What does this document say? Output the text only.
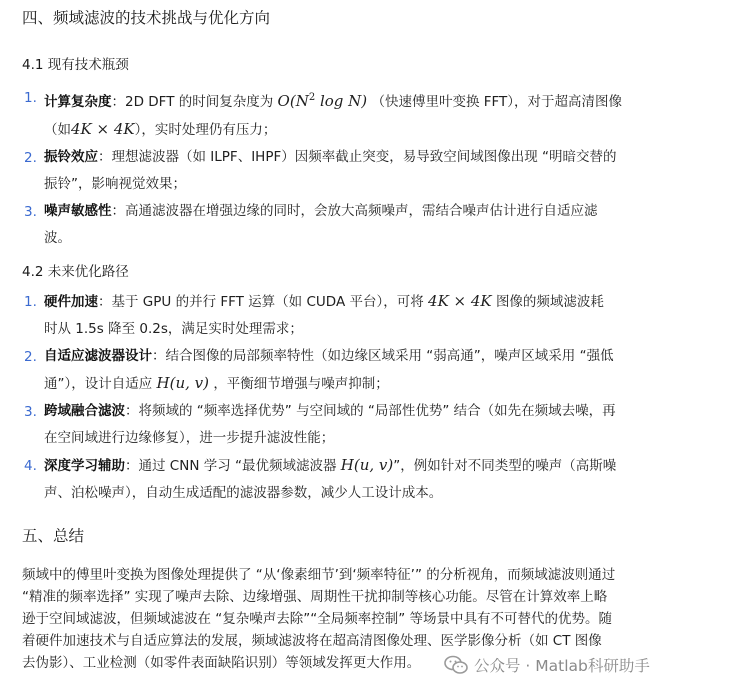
四、频域滤波的技术挑战与优化方向
4.1 现有技术瓶颈
1. 计算复杂度：2D DFT 的时间复杂度为 $O(N^2$ log N) （快速傅里叶变换 FFT），对于超高清图像
（如4K × 4K），实时处理仍有压力；
2. 振铃效应：理想滤波器（如 ILPF、IHPF）因频率截止突变，易导致空间域图像出现 “明暗交替的
振铃”，影响视觉效果；
3. 噪声敏感性：高通滤波器在增强边缘的同时，会放大高频噪声，需结合噪声估计进行自适应滤
波。
4.2 未来优化路径
1. 硬件加速：基于 GPU 的并行 FFT 运算（如 CUDA 平台），可将 4K × 4K 图像的频域滤波耗
时从 1.5s 降至 0.2s，满足实时处理需求；
2. 自适应滤波器设计：结合图像的局部频率特性（如边缘区域采用 “弱高通”，噪声区域采用 “强低
通”），设计自适应 H(u, v) ，平衡细节增强与噪声抑制；
3. 跨域融合滤波：将频域的 “频率选择优势” 与空间域的 “局部性优势” 结合（如先在频域去噪，再
在空间域进行边缘修复），进一步提升滤波性能；
4. 深度学习辅助：通过 CNN 学习 “最优频域滤波器 H(u, v)”，例如针对不同类型的噪声（高斯噪
声、泊松噪声），自动生成适配的滤波器参数，减少人工设计成本。
五、总结
频域中的傅里叶变换为图像处理提供了 “从‘像素细节’到‘频率特征’” 的分析视角，而频域滤波则通过
“精准的频率选择” 实现了噪声去除、边缘增强、周期性干扰抑制等核心功能。尽管在计算效率上略
逊于空间域滤波，但频域滤波在 “复杂噪声去除”“全局频率控制” 等场景中具有不可替代的优势。随
着硬件加速技术与自适应算法的发展，频域滤波将在超高清图像处理、医学影像分析（如 CT 图像
去伪影）、工业检测（如零件表面缺陷识别）等领域发挥更大作用。	公众号 · Matlab科研助手
